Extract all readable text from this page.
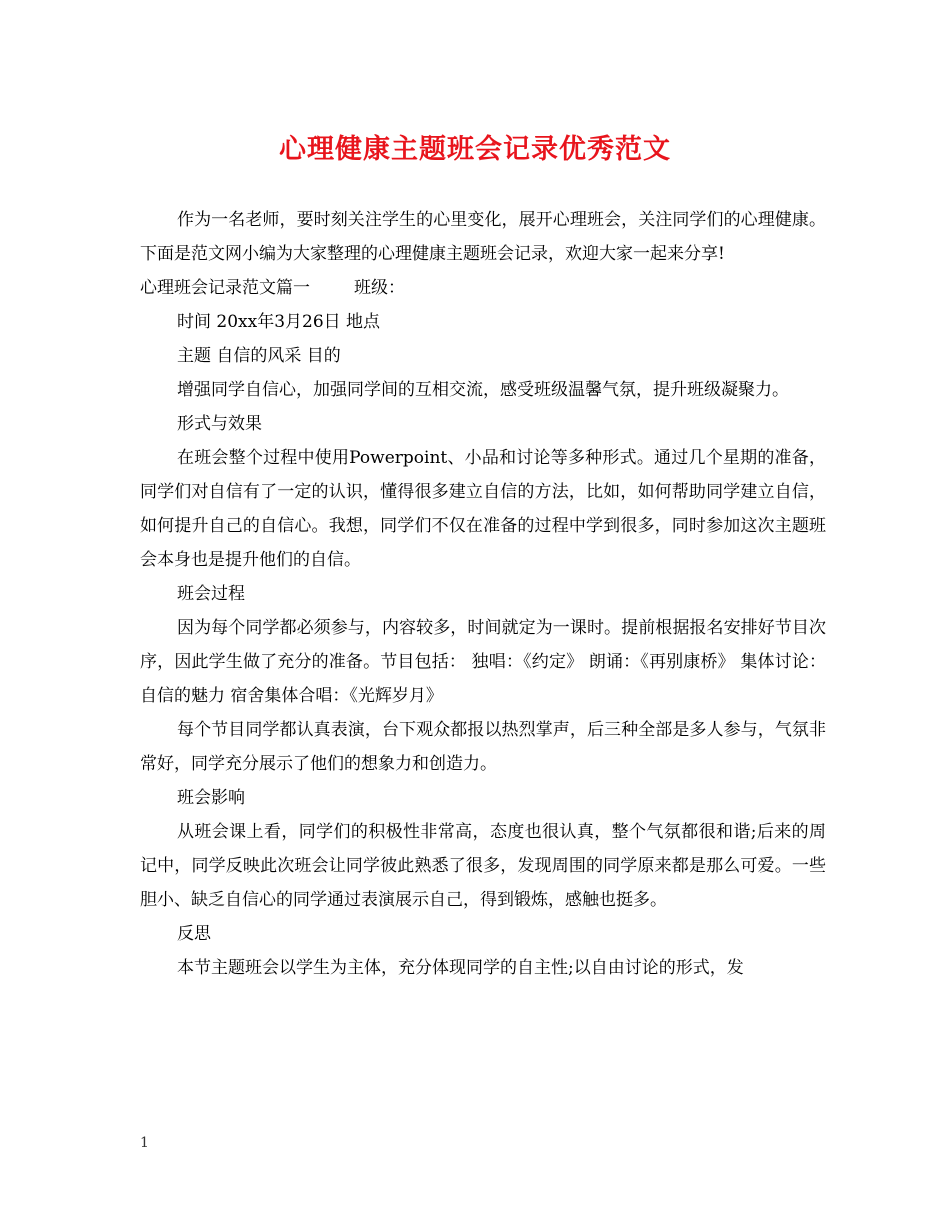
心理健康主题班会记录优秀范文

作为一名老师，要时刻关注学生的心里变化，展开心理班会，关注同学们的心理健康。下面是范文网小编为大家整理的心理健康主题班会记录，欢迎大家一起来分享!

心理班会记录范文篇一	班级：

时间 20xx年3月26日 地点

主题 自信的风采 目的

增强同学自信心，加强同学间的互相交流，感受班级温馨气氛，提升班级凝聚力。

形式与效果

在班会整个过程中使用Powerpoint、小品和讨论等多种形式。通过几个星期的准备，同学们对自信有了一定的认识，懂得很多建立自信的方法，比如，如何帮助同学建立自信，如何提升自己的自信心。我想，同学们不仅在准备的过程中学到很多，同时参加这次主题班会本身也是提升他们的自信。

班会过程

因为每个同学都必须参与，内容较多，时间就定为一课时。提前根据报名安排好节目次序，因此学生做了充分的准备。节目包括： 独唱：《约定》 朗诵：《再别康桥》 集体讨论：自信的魅力 宿舍集体合唱：《光辉岁月》

每个节目同学都认真表演，台下观众都报以热烈掌声，后三种全部是多人参与，气氛非常好，同学充分展示了他们的想象力和创造力。

班会影响

从班会课上看，同学们的积极性非常高，态度也很认真，整个气氛都很和谐;后来的周记中，同学反映此次班会让同学彼此熟悉了很多，发现周围的同学原来都是那么可爱。一些胆小、缺乏自信心的同学通过表演展示自己，得到锻炼，感触也挺多。

反思

本节主题班会以学生为主体，充分体现同学的自主性;以自由讨论的形式，发

1
